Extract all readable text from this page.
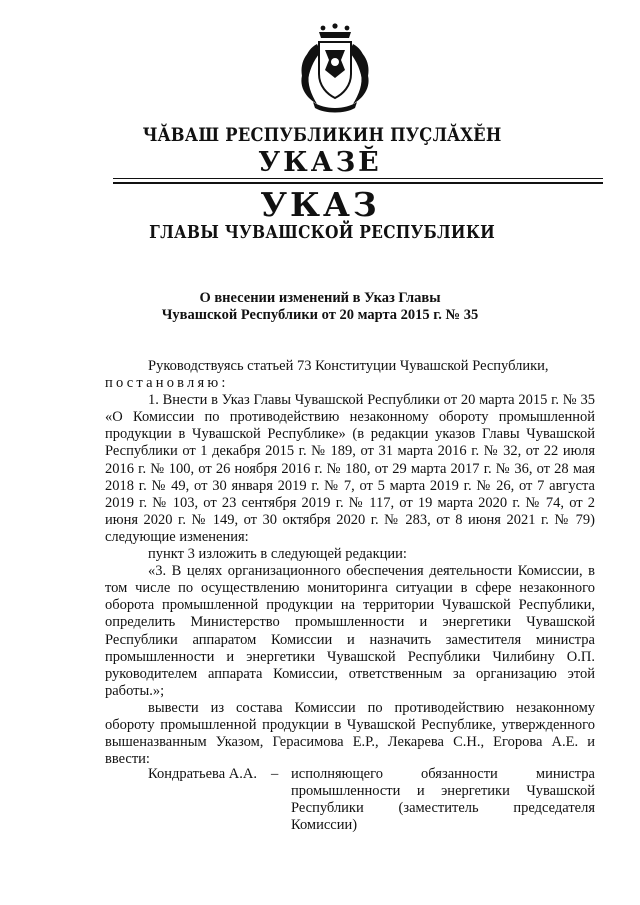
ЧĂВАШ РЕСПУБЛИКИН ПУÇЛĂХĔН
УКАЗĔ
УКАЗ
ГЛАВЫ ЧУВАШСКОЙ РЕСПУБЛИКИ
О внесении изменений в Указ Главы
Чувашской Республики от 20 марта 2015 г. № 35

Руководствуясь статьей 73 Конституции Чувашской Республики,

постановляю:

1. Внести в Указ Главы Чувашской Республики от 20 марта 2015 г. № 35 «О Комиссии по противодействию незаконному обороту промышленной продукции в Чувашской Республике» (в редакции указов Главы Чувашской Республики от 1 декабря 2015 г. № 189, от 31 марта 2016 г. № 32, от 22 июля 2016 г. № 100, от 26 ноября 2016 г. № 180, от 29 марта 2017 г. № 36, от 28 мая 2018 г. № 49, от 30 января 2019 г. № 7, от 5 марта 2019 г. № 26, от 7 августа 2019 г. № 103, от 23 сентября 2019 г. № 117, от 19 марта 2020 г. № 74, от 2 июня 2020 г. № 149, от 30 октября 2020 г. № 283, от 8 июня 2021 г. № 79) следующие изменения:

пункт 3 изложить в следующей редакции:

«3. В целях организационного обеспечения деятельности Комиссии, в том числе по осуществлению мониторинга ситуации в сфере незаконного оборота промышленной продукции на территории Чувашской Республики, определить Министерство промышленности и энергетики Чувашской Республики аппаратом Комиссии и назначить заместителя министра промышленности и энергетики Чувашской Республики Чилибину О.П. руководителем аппарата Комиссии, ответственным за организацию этой работы.»;

вывести из состава Комиссии по противодействию незаконному обороту промышленной продукции в Чувашской Республике, утвержденного вышеназванным Указом, Герасимова Е.Р., Лекарева С.Н., Егорова А.Е. и ввести:

Кондратьева А.А. – исполняющего обязанности министра промышленности и энергетики Чувашской Республики (заместитель председателя Комиссии)
